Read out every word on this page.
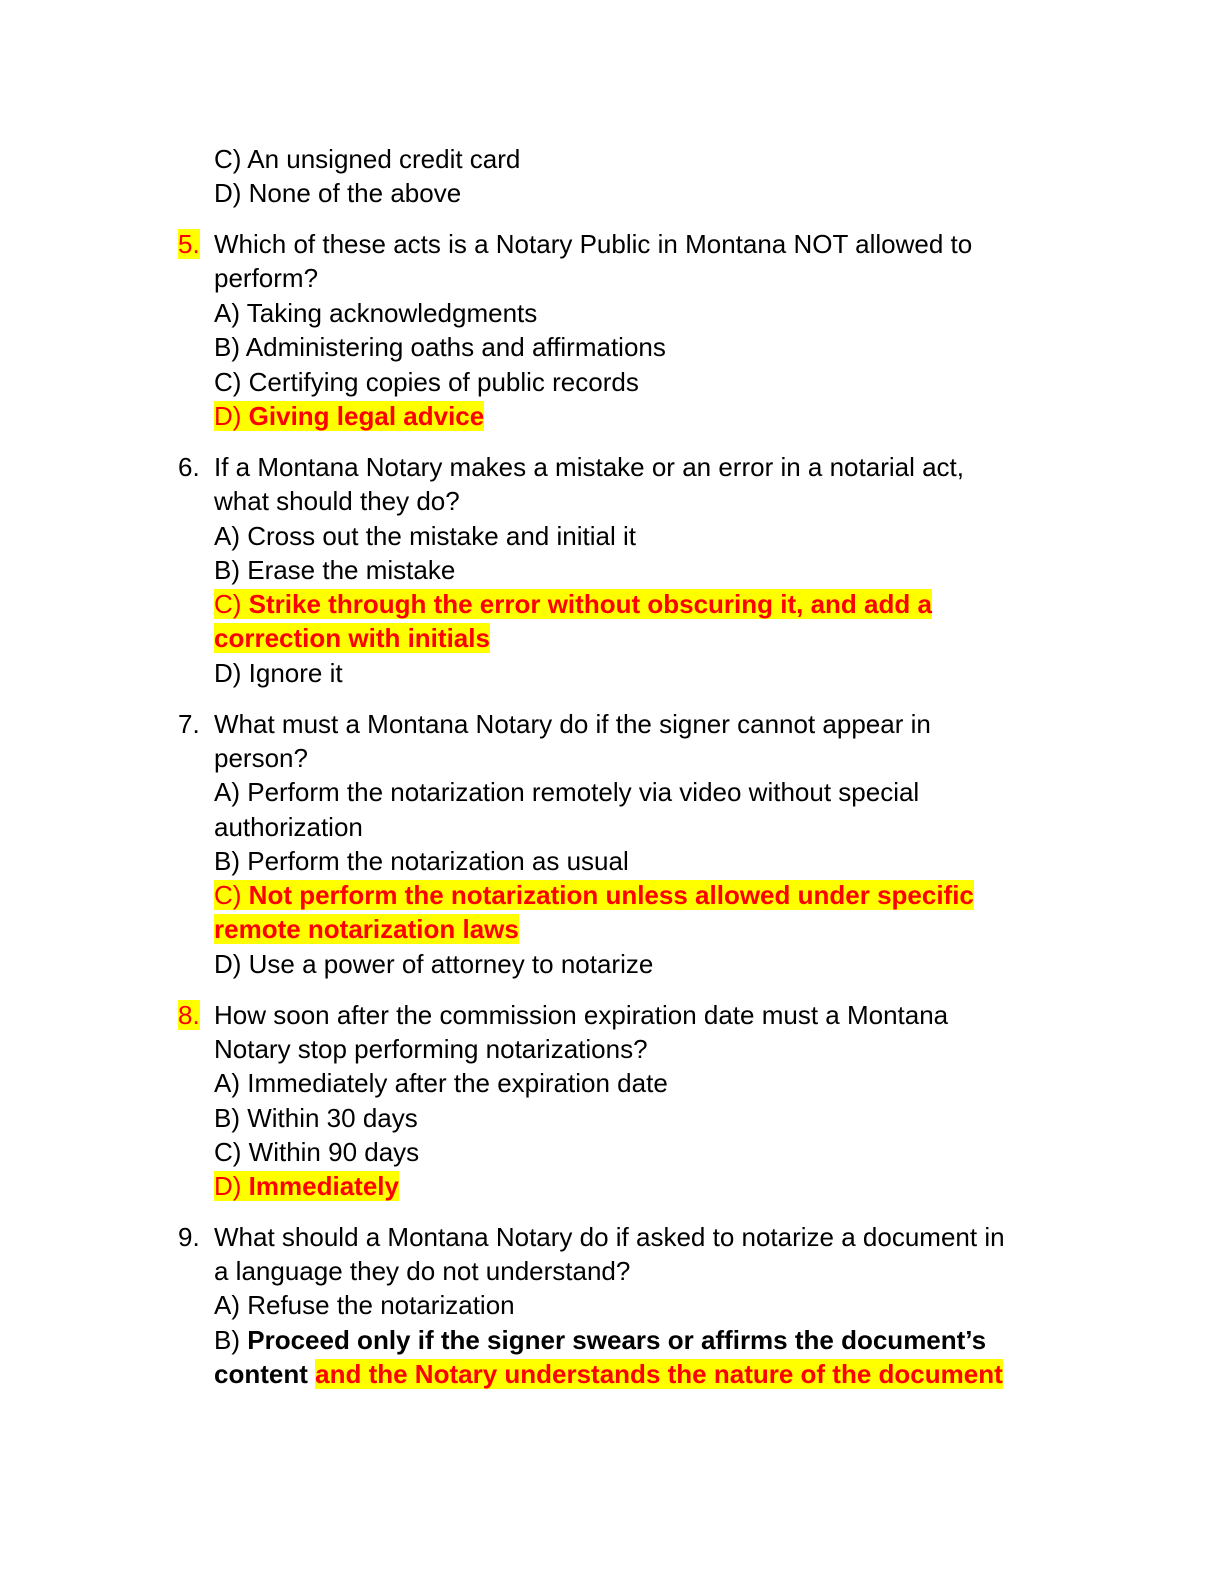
C) An unsigned credit card
D) None of the above
5. Which of these acts is a Notary Public in Montana NOT allowed to
perform?
A) Taking acknowledgments
B) Administering oaths and affirmations
C) Certifying copies of public records
D) Giving legal advice
6. If a Montana Notary makes a mistake or an error in a notarial act,
what should they do?
A) Cross out the mistake and initial it
B) Erase the mistake
C) Strike through the error without obscuring it, and add a
correction with initials
D) Ignore it
7. What must a Montana Notary do if the signer cannot appear in
person?
A) Perform the notarization remotely via video without special
authorization
B) Perform the notarization as usual
C) Not perform the notarization unless allowed under specific
remote notarization laws
D) Use a power of attorney to notarize
8. How soon after the commission expiration date must a Montana
Notary stop performing notarizations?
A) Immediately after the expiration date
B) Within 30 days
C) Within 90 days
D) Immediately
9. What should a Montana Notary do if asked to notarize a document in
a language they do not understand?
A) Refuse the notarization
B) Proceed only if the signer swears or affirms the document’s
content and the Notary understands the nature of the document
